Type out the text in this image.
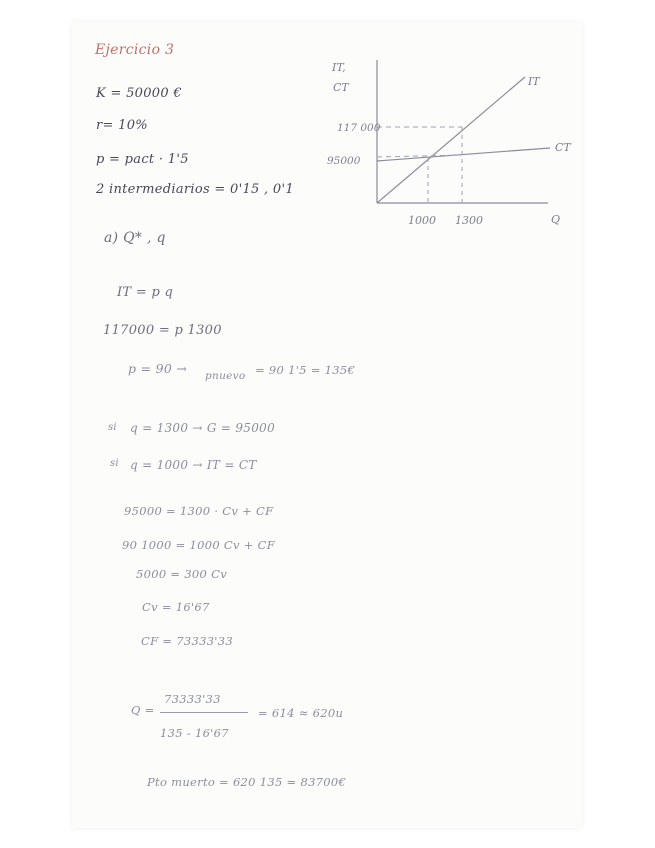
Ejercicio 3
K = 50000 €
r= 10%
p = pact · 1'5
2 intermediarios = 0'15 , 0'1
IT,
CT	IT
CT
117 000
95000
1000 1300	Q
a) Q* , q
IT = p q
117000 = p 1300
p = 90 → pnuevo = 90 1'5 = 135€
si q = 1300 → G = 95000
si q = 1000 → IT = CT
95000 = 1300 · Cv + CF
90 1000 = 1000 Cv + CF
5000 = 300 Cv
Cv = 16'67
CF = 73333'33
Q =
73333'33
135 - 16'67
= 614 ≈ 620u
Pto muerto = 620 135 = 83700€
